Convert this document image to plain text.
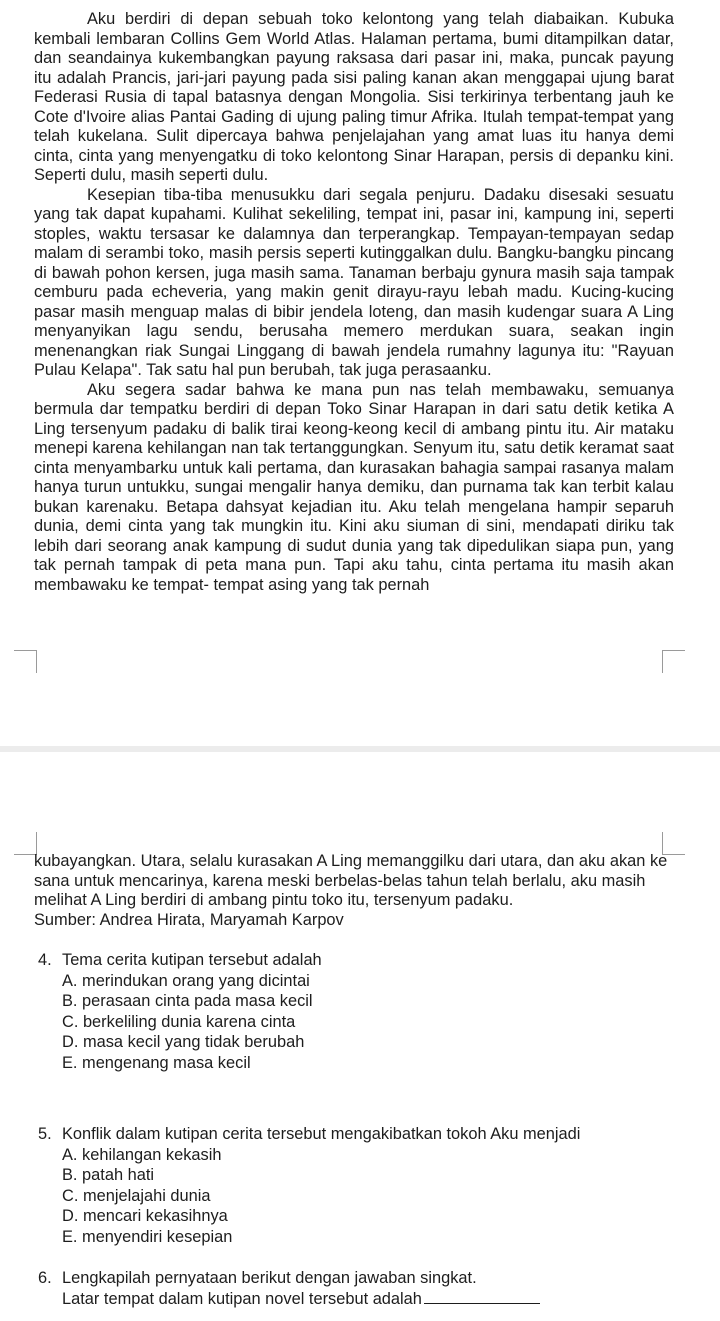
Aku berdiri di depan sebuah toko kelontong yang telah diabaikan. Kubuka kembali lembaran Collins Gem World Atlas. Halaman pertama, bumi ditampilkan datar, dan seandainya kukembangkan payung raksasa dari pasar ini, maka, puncak payung itu adalah Prancis, jari-jari payung pada sisi paling kanan akan menggapai ujung barat Federasi Rusia di tapal batasnya dengan Mongolia. Sisi terkirinya terbentang jauh ke Cote d'Ivoire alias Pantai Gading di ujung paling timur Afrika. Itulah tempat-tempat yang telah kukelana. Sulit dipercaya bahwa penjelajahan yang amat luas itu hanya demi cinta, cinta yang menyengatku di toko kelontong Sinar Harapan, persis di depanku kini. Seperti dulu, masih seperti dulu.

Kesepian tiba-tiba menusukku dari segala penjuru. Dadaku disesaki sesuatu yang tak dapat kupahami. Kulihat sekeliling, tempat ini, pasar ini, kampung ini, seperti stoples, waktu tersasar ke dalamnya dan terperangkap. Tempayan-tempayan sedap malam di serambi toko, masih persis seperti kutinggalkan dulu. Bangku-bangku pincang di bawah pohon kersen, juga masih sama. Tanaman berbaju gynura masih saja tampak cemburu pada echeveria, yang makin genit dirayu-rayu lebah madu. Kucing-kucing pasar masih menguap malas di bibir jendela loteng, dan masih kudengar suara A Ling menyanyikan lagu sendu, berusaha memero merdukan suara, seakan ingin menenangkan riak Sungai Linggang di bawah jendela rumahny lagunya itu: "Rayuan Pulau Kelapa". Tak satu hal pun berubah, tak juga perasaanku.

Aku segera sadar bahwa ke mana pun nas telah membawaku, semuanya bermula dar tempatku berdiri di depan Toko Sinar Harapan in dari satu detik ketika A Ling tersenyum padaku di balik tirai keong-keong kecil di ambang pintu itu. Air mataku menepi karena kehilangan nan tak tertanggungkan. Senyum itu, satu detik keramat saat cinta menyambarku untuk kali pertama, dan kurasakan bahagia sampai rasanya malam hanya turun untukku, sungai mengalir hanya demiku, dan purnama tak kan terbit kalau bukan karenaku. Betapa dahsyat kejadian itu. Aku telah mengelana hampir separuh dunia, demi cinta yang tak mungkin itu. Kini aku siuman di sini, mendapati diriku tak lebih dari seorang anak kampung di sudut dunia yang tak dipedulikan siapa pun, yang tak pernah tampak di peta mana pun. Tapi aku tahu, cinta pertama itu masih akan membawaku ke tempat- tempat asing yang tak pernah

kubayangkan. Utara, selalu kurasakan A Ling memanggilku dari utara, dan aku akan ke sana untuk mencarinya, karena meski berbelas-belas tahun telah berlalu, aku masih melihat A Ling berdiri di ambang pintu toko itu, tersenyum padaku.

Sumber: Andrea Hirata, Maryamah Karpov

4. Tema cerita kutipan tersebut adalah
A. merindukan orang yang dicintai
B. perasaan cinta pada masa kecil
C. berkeliling dunia karena cinta
D. masa kecil yang tidak berubah
E. mengenang masa kecil
5. Konflik dalam kutipan cerita tersebut mengakibatkan tokoh Aku menjadi
A. kehilangan kekasih
B. patah hati
C. menjelajahi dunia
D. mencari kekasihnya
E. menyendiri kesepian
6. Lengkapilah pernyataan berikut dengan jawaban singkat.
Latar tempat dalam kutipan novel tersebut adalah
